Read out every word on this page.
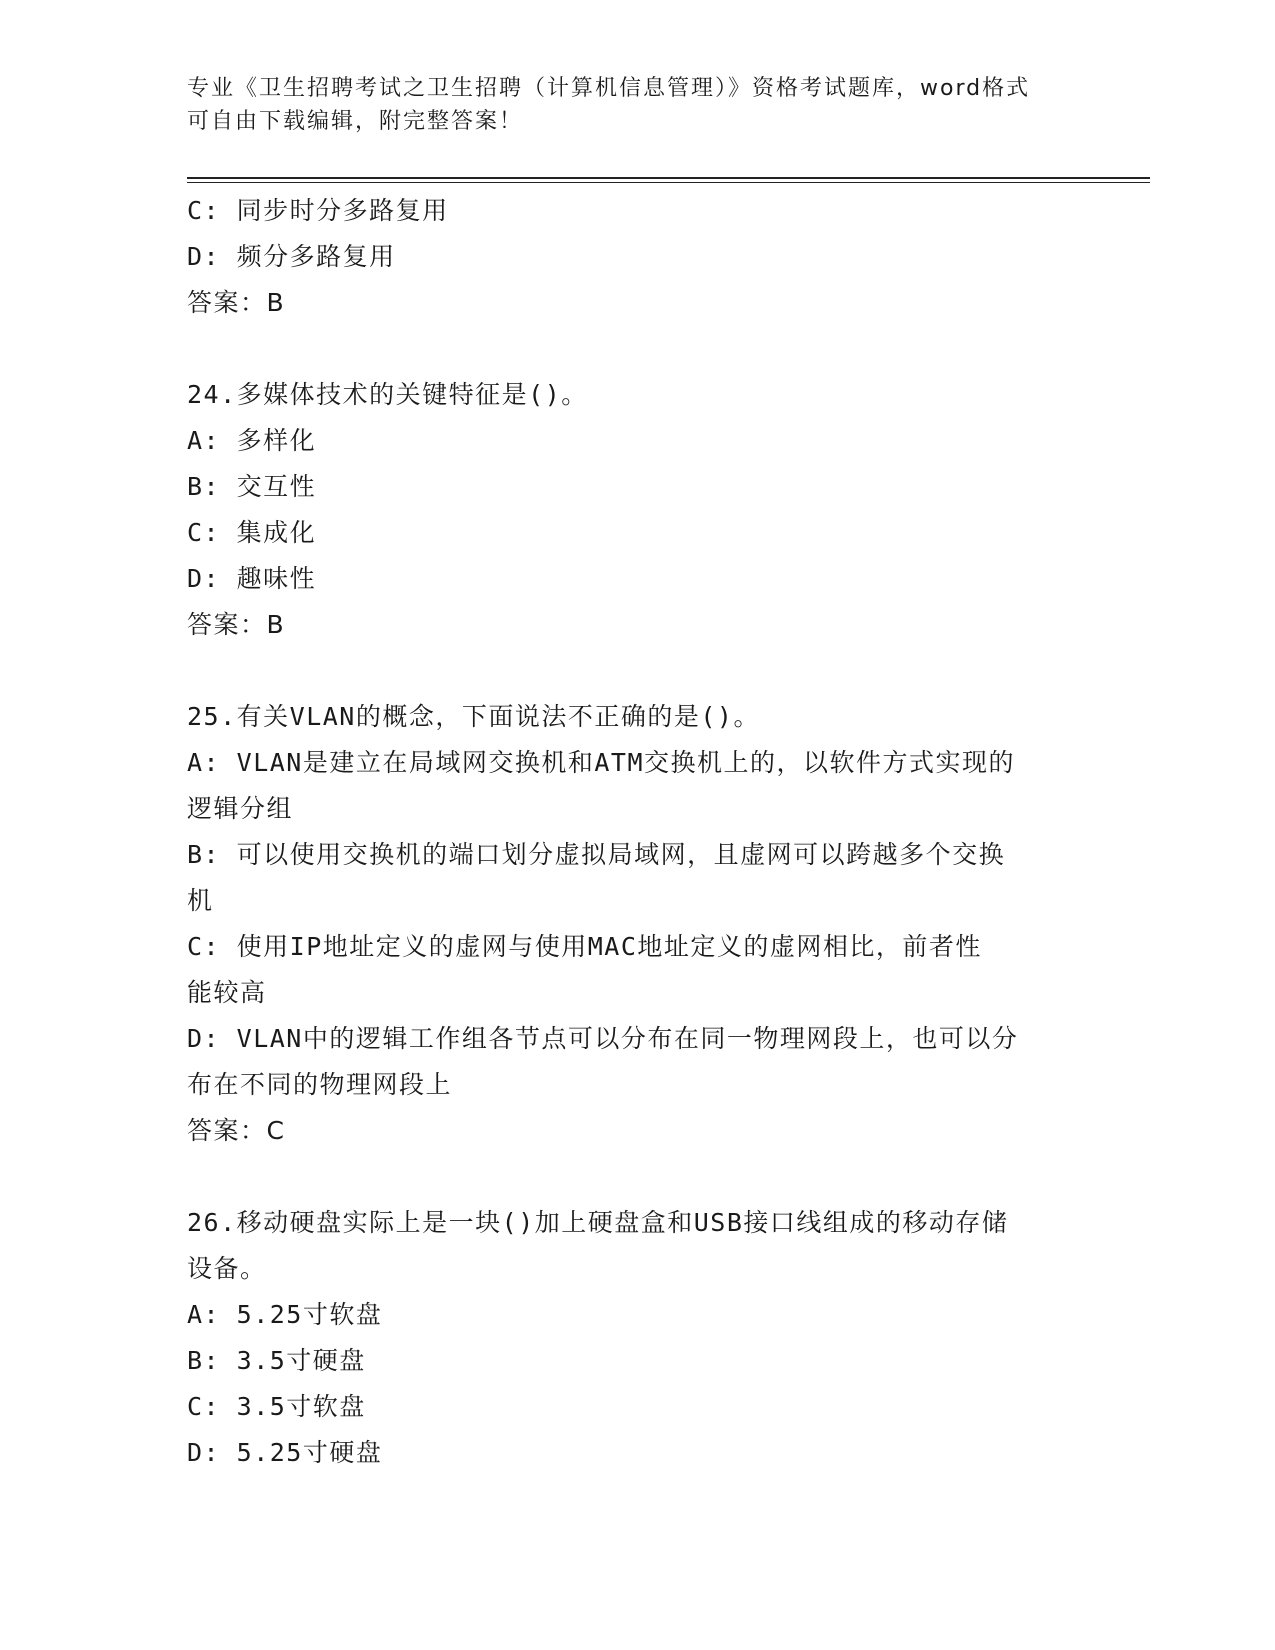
专业《卫生招聘考试之卫生招聘（计算机信息管理）》资格考试题库，word格式
可自由下载编辑，附完整答案！
C: 同步时分多路复用
D: 频分多路复用
答案：B
24.多媒体技术的关键特征是()。
A: 多样化
B: 交互性
C: 集成化
D: 趣味性
答案：B
25.有关VLAN的概念，下面说法不正确的是()。
A: VLAN是建立在局域网交换机和ATM交换机上的，以软件方式实现的
逻辑分组
B: 可以使用交换机的端口划分虚拟局域网，且虚网可以跨越多个交换
机
C: 使用IP地址定义的虚网与使用MAC地址定义的虚网相比，前者性
能较高
D: VLAN中的逻辑工作组各节点可以分布在同一物理网段上，也可以分
布在不同的物理网段上
答案：C
26.移动硬盘实际上是一块()加上硬盘盒和USB接口线组成的移动存储
设备。
A: 5.25寸软盘
B: 3.5寸硬盘
C: 3.5寸软盘
D: 5.25寸硬盘
